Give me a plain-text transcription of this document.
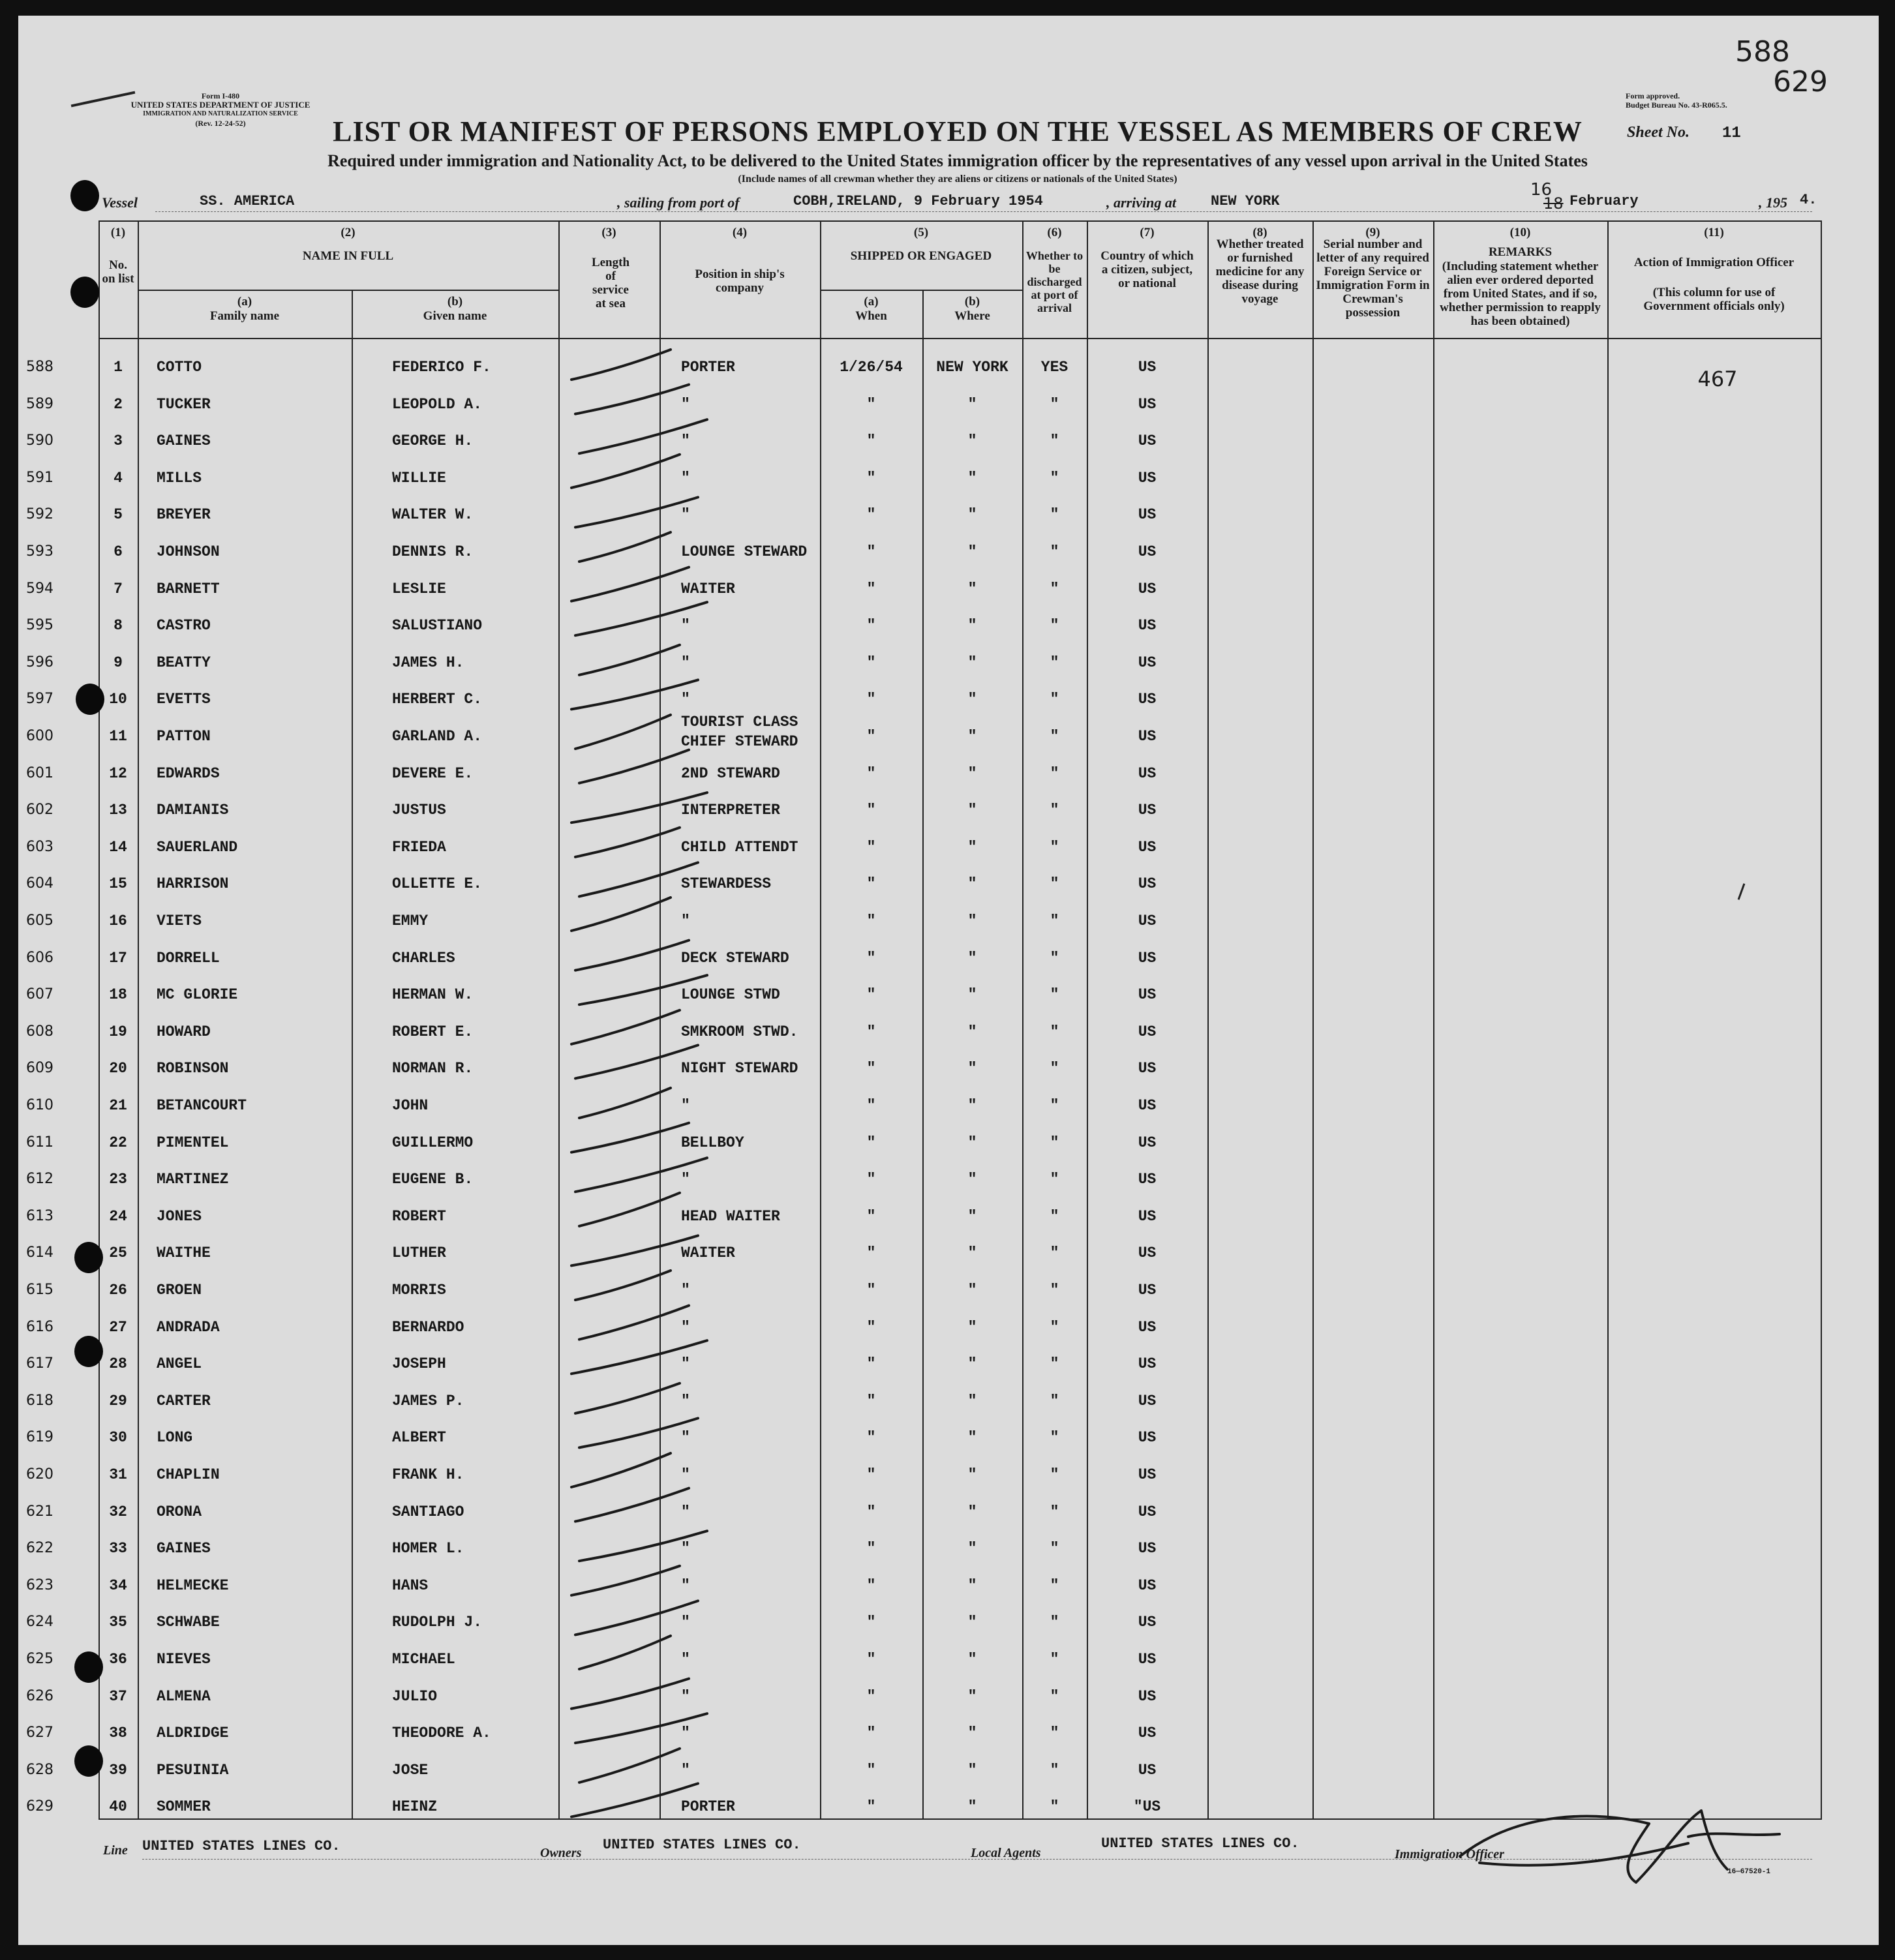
588
629
Form I-480
UNITED STATES DEPARTMENT OF JUSTICE
IMMIGRATION AND NATURALIZATION SERVICE
(Rev. 12-24-52)
Form approved.
Budget Bureau No. 43-R065.5.
LIST OR MANIFEST OF PERSONS EMPLOYED ON THE VESSEL AS MEMBERS OF CREW	Sheet No. 11
Required under immigration and Nationality Act, to be delivered to the United States immigration officer by the representatives of any vessel upon arrival in the United States
(Include names of all crewman whether they are aliens or citizens or nationals of the United States)
Vessel	SS. AMERICA	, sailing from port of	COBH,IRELAND, 9 February 1954	, arriving at NEW YORK	18
16
February	, 195 4.
(1)
No. on list
(2)
NAME IN FULL
(a)
Family name
(b)
Given name
(3)
Length of service at sea
(4)
Position in ship's company
(5)
SHIPPED OR ENGAGED
(a)
When
(b)
Where
(6)
Whether to be discharged at port of arrival
(7)
Country of which a citizen, subject, or national
(8)
Whether treated or furnished medicine for any disease during voyage
(9)
Serial number and letter of any required Foreign Service or Immigration Form in Crewman's possession
(10)
REMARKS
(Including statement whether alien ever ordered deported from United States, and if so, whether permission to reapply has been obtained)
(11)
Action of Immigration Officer
(This column for use of Government officials only)
588	1	COTTO	FEDERICO F.	PORTER	1/26/54	NEW YORK	YES	US
589	2	TUCKER	LEOPOLD A.	"	"	"	"	US
590	3	GAINES	GEORGE H.	"	"	"	"	US
591	4	MILLS	WILLIE	"	"	"	"	US
592	5	BREYER	WALTER W.	"	"	"	"	US
593	6	JOHNSON	DENNIS R.	LOUNGE STEWARD	"	"	"	US
594	7	BARNETT	LESLIE	WAITER	"	"	"	US
595	8	CASTRO	SALUSTIANO	"	"	"	"	US
596	9	BEATTY	JAMES H.	"	"	"	"	US
597	10	EVETTS	HERBERT C.	"	"	"	"	US
600	11	PATTON	GARLAND A.	CHIEF STEWARD	"	"	"	US
TOURIST CLASS
601	12	EDWARDS	DEVERE E.	2ND STEWARD	"	"	"	US
602	13	DAMIANIS	JUSTUS	INTERPRETER	"	"	"	US
603	14	SAUERLAND	FRIEDA	CHILD ATTENDT	"	"	"	US
604	15	HARRISON	OLLETTE E.	STEWARDESS	"	"	"	US
605	16	VIETS	EMMY	"	"	"	"	US
606	17	DORRELL	CHARLES	DECK STEWARD	"	"	"	US
607	18	MC GLORIE	HERMAN W.	LOUNGE STWD	"	"	"	US
608	19	HOWARD	ROBERT E.	SMKROOM STWD.	"	"	"	US
609	20	ROBINSON	NORMAN R.	NIGHT STEWARD	"	"	"	US
610	21	BETANCOURT	JOHN	"	"	"	"	US
611	22	PIMENTEL	GUILLERMO	BELLBOY	"	"	"	US
612	23	MARTINEZ	EUGENE B.	"	"	"	"	US
613	24	JONES	ROBERT	HEAD WAITER	"	"	"	US
614	25	WAITHE	LUTHER	WAITER	"	"	"	US
615	26	GROEN	MORRIS	"	"	"	"	US
616	27	ANDRADA	BERNARDO	"	"	"	"	US
617	28	ANGEL	JOSEPH	"	"	"	"	US
618	29	CARTER	JAMES P.	"	"	"	"	US
619	30	LONG	ALBERT	"	"	"	"	US
620	31	CHAPLIN	FRANK H.	"	"	"	"	US
621	32	ORONA	SANTIAGO	"	"	"	"	US
622	33	GAINES	HOMER L.	"	"	"	"	US
623	34	HELMECKE	HANS	"	"	"	"	US
624	35	SCHWABE	RUDOLPH J.	"	"	"	"	US
625	36	NIEVES	MICHAEL	"	"	"	"	US
626	37	ALMENA	JULIO	"	"	"	"	US
627	38	ALDRIDGE	THEODORE A.	"	"	"	"	US
628	39	PESUINIA	JOSE	"	"	"	"	US
629	40	SOMMER	HEINZ	PORTER	"	"	"	"US
467
Line UNITED STATES LINES CO.	Owners UNITED STATES LINES CO.	Local Agents
UNITED STATES LINES CO.
Immigration Officer
16—67520-1
